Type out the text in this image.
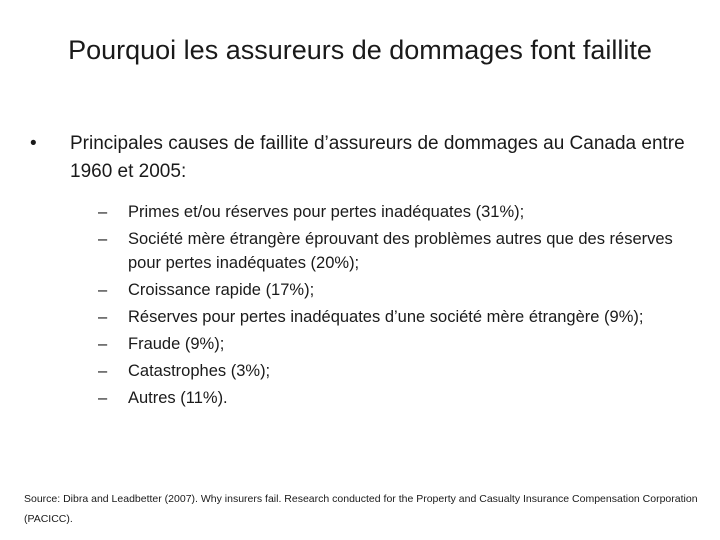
Pourquoi les assureurs de dommages font faillite
•	Principales causes de faillite d’assureurs de dommages au Canada entre 1960 et 2005:
–	Primes et/ou réserves pour pertes inadéquates (31%);
–	Société mère étrangère éprouvant des problèmes autres que des réserves pour pertes inadéquates (20%);
–	Croissance rapide (17%);
–	Réserves pour pertes inadéquates d’une société mère étrangère (9%);
–	Fraude (9%);
–	Catastrophes (3%);
–	Autres (11%).
Source: Dibra and Leadbetter (2007). Why insurers fail. Research conducted for the Property and Casualty Insurance Compensation Corporation (PACICC).
